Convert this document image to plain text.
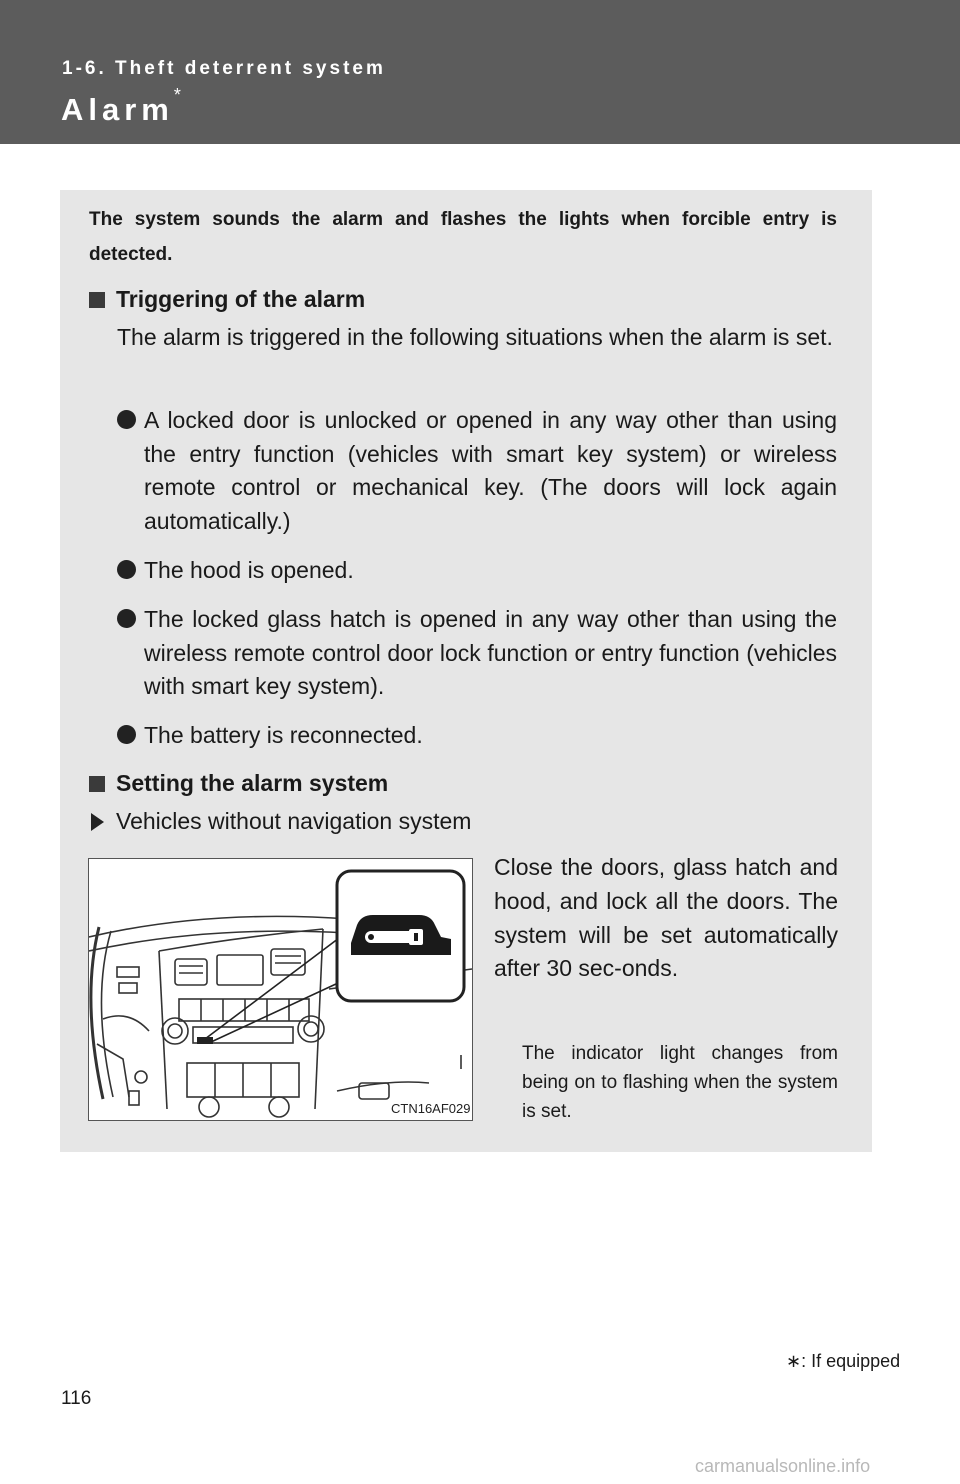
1-6. Theft deterrent system
Alarm*
The system sounds the alarm and flashes the lights when forcible entry is detected.
Triggering of the alarm
The alarm is triggered in the following situations when the alarm is set.
A locked door is unlocked or opened in any way other than using the entry function (vehicles with smart key system) or wireless remote control or mechanical key. (The doors will lock again automatically.)
The hood is opened.
The locked glass hatch is opened in any way other than using the wireless remote control door lock function or entry function (vehicles with smart key system).
The battery is reconnected.
Setting the alarm system
Vehicles without navigation system
CTN16AF029
Close the doors, glass hatch and hood, and lock all the doors. The system will be set automatically after 30 sec-onds.
The indicator light changes from being on to flashing when the system is set.
∗: If equipped
116
carmanualsonline.info
